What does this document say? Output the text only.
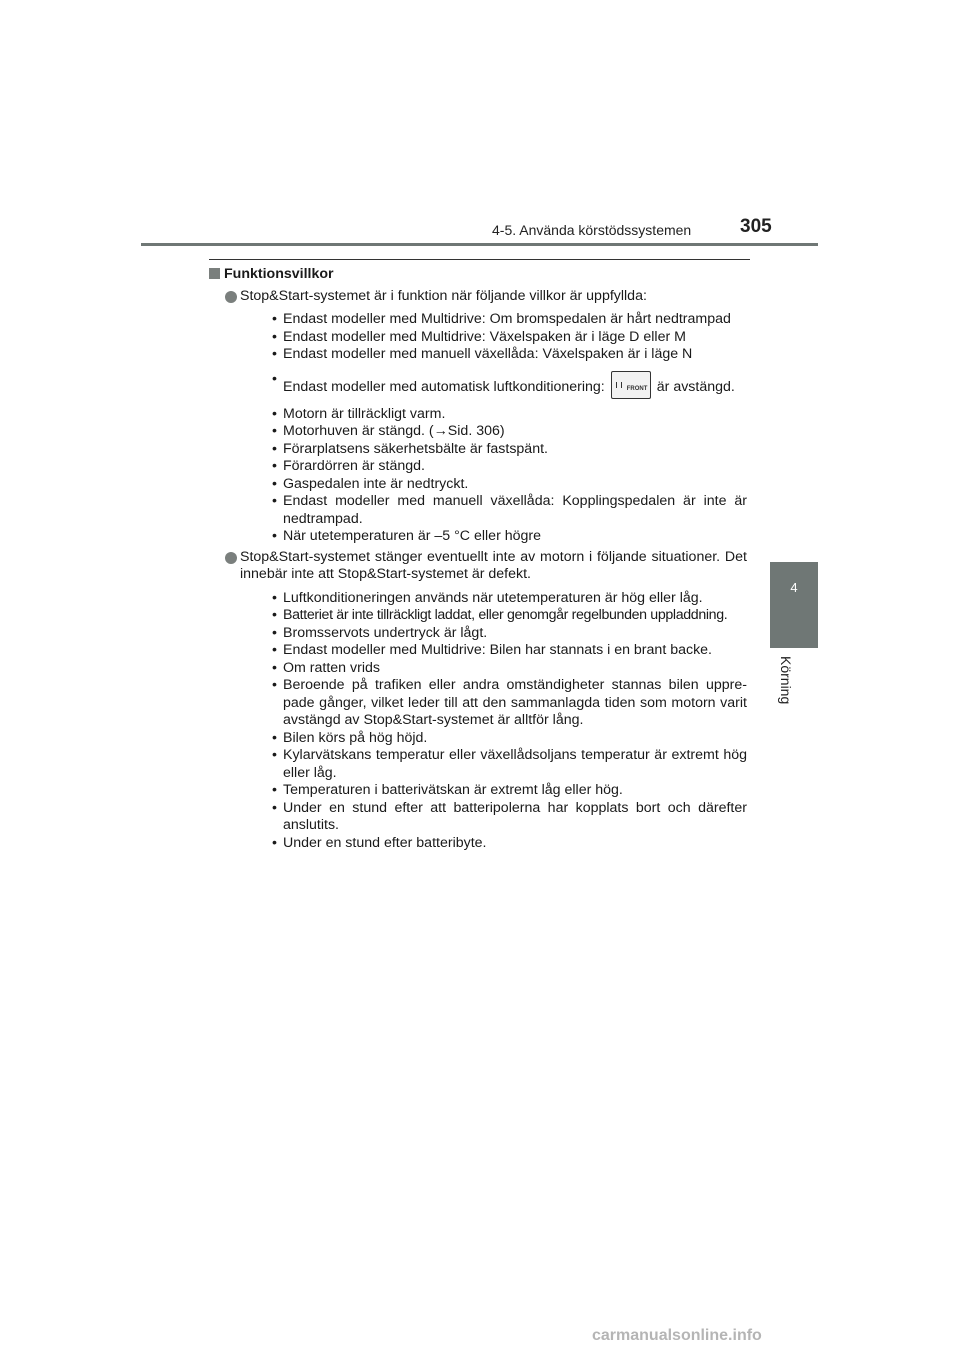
4-5. Använda körstödssystemen	305
4
Körning
Funktionsvillkor
Stop&Start-systemet är i funktion när följande villkor är uppfyllda:
• Endast modeller med Multidrive: Om bromspedalen är hårt nedtrampad
• Endast modeller med Multidrive: Växelspaken är i läge D eller M
• Endast modeller med manuell växellåda: Växelspaken är i läge N
• Endast modeller med automatisk luftkonditionering:	FRONT är avstängd.
• Motorn är tillräckligt varm.
• Motorhuven är stängd. (→Sid. 306)
• Förarplatsens säkerhetsbälte är fastspänt.
• Förardörren är stängd.
• Gaspedalen inte är nedtryckt.
• Endast modeller med manuell växellåda: Kopplingspedalen är inte är nedtrampad.
• När utetemperaturen är –5 °C eller högre
Stop&Start-systemet stänger eventuellt inte av motorn i följande situationer. Det innebär inte att Stop&Start-systemet är defekt.
• Luftkonditioneringen används när utetemperaturen är hög eller låg.
• Batteriet är inte tillräckligt laddat, eller genomgår regelbunden uppladdning.
• Bromsservots undertryck är lågt.
• Endast modeller med Multidrive: Bilen har stannats i en brant backe.
• Om ratten vrids
• Beroende på trafiken eller andra omständigheter stannas bilen uppre-pade gånger, vilket leder till att den sammanlagda tiden som motorn varit avstängd av Stop&Start-systemet är alltför lång.
• Bilen körs på hög höjd.
• Kylarvätskans temperatur eller växellådsoljans temperatur är extremt hög eller låg.
• Temperaturen i batterivätskan är extremt låg eller hög.
• Under en stund efter att batteripolerna har kopplats bort och därefter anslutits.
• Under en stund efter batteribyte.
carmanualsonline.info
